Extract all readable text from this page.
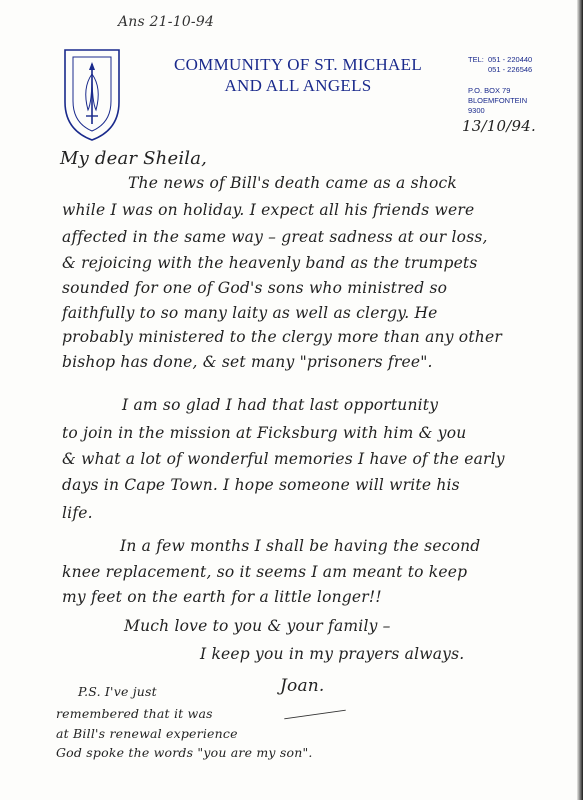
Ans 21-10-94
COMMUNITY OF ST. MICHAEL
AND ALL ANGELS
TEL: 051 - 220440
051 - 226546
P.O. BOX 79
BLOEMFONTEIN
9300
13/10/94.
My dear Sheila,
The news of Bill's death came as a shock
while I was on holiday. I expect all his friends were
affected in the same way – great sadness at our loss,
& rejoicing with the heavenly band as the trumpets
sounded for one of God's sons who ministred so
faithfully to so many laity as well as clergy. He
probably ministered to the clergy more than any other
bishop has done, & set many "prisoners free".
I am so glad I had that last opportunity
to join in the mission at Ficksburg with him & you
& what a lot of wonderful memories I have of the early
days in Cape Town. I hope someone will write his
life.
In a few months I shall be having the second
knee replacement, so it seems I am meant to keep
my feet on the earth for a little longer!!
Much love to you & your family –
I keep you in my prayers always.
Joan.
P.S. I've just
remembered that it was
at Bill's renewal experience
God spoke the words "you are my son".
